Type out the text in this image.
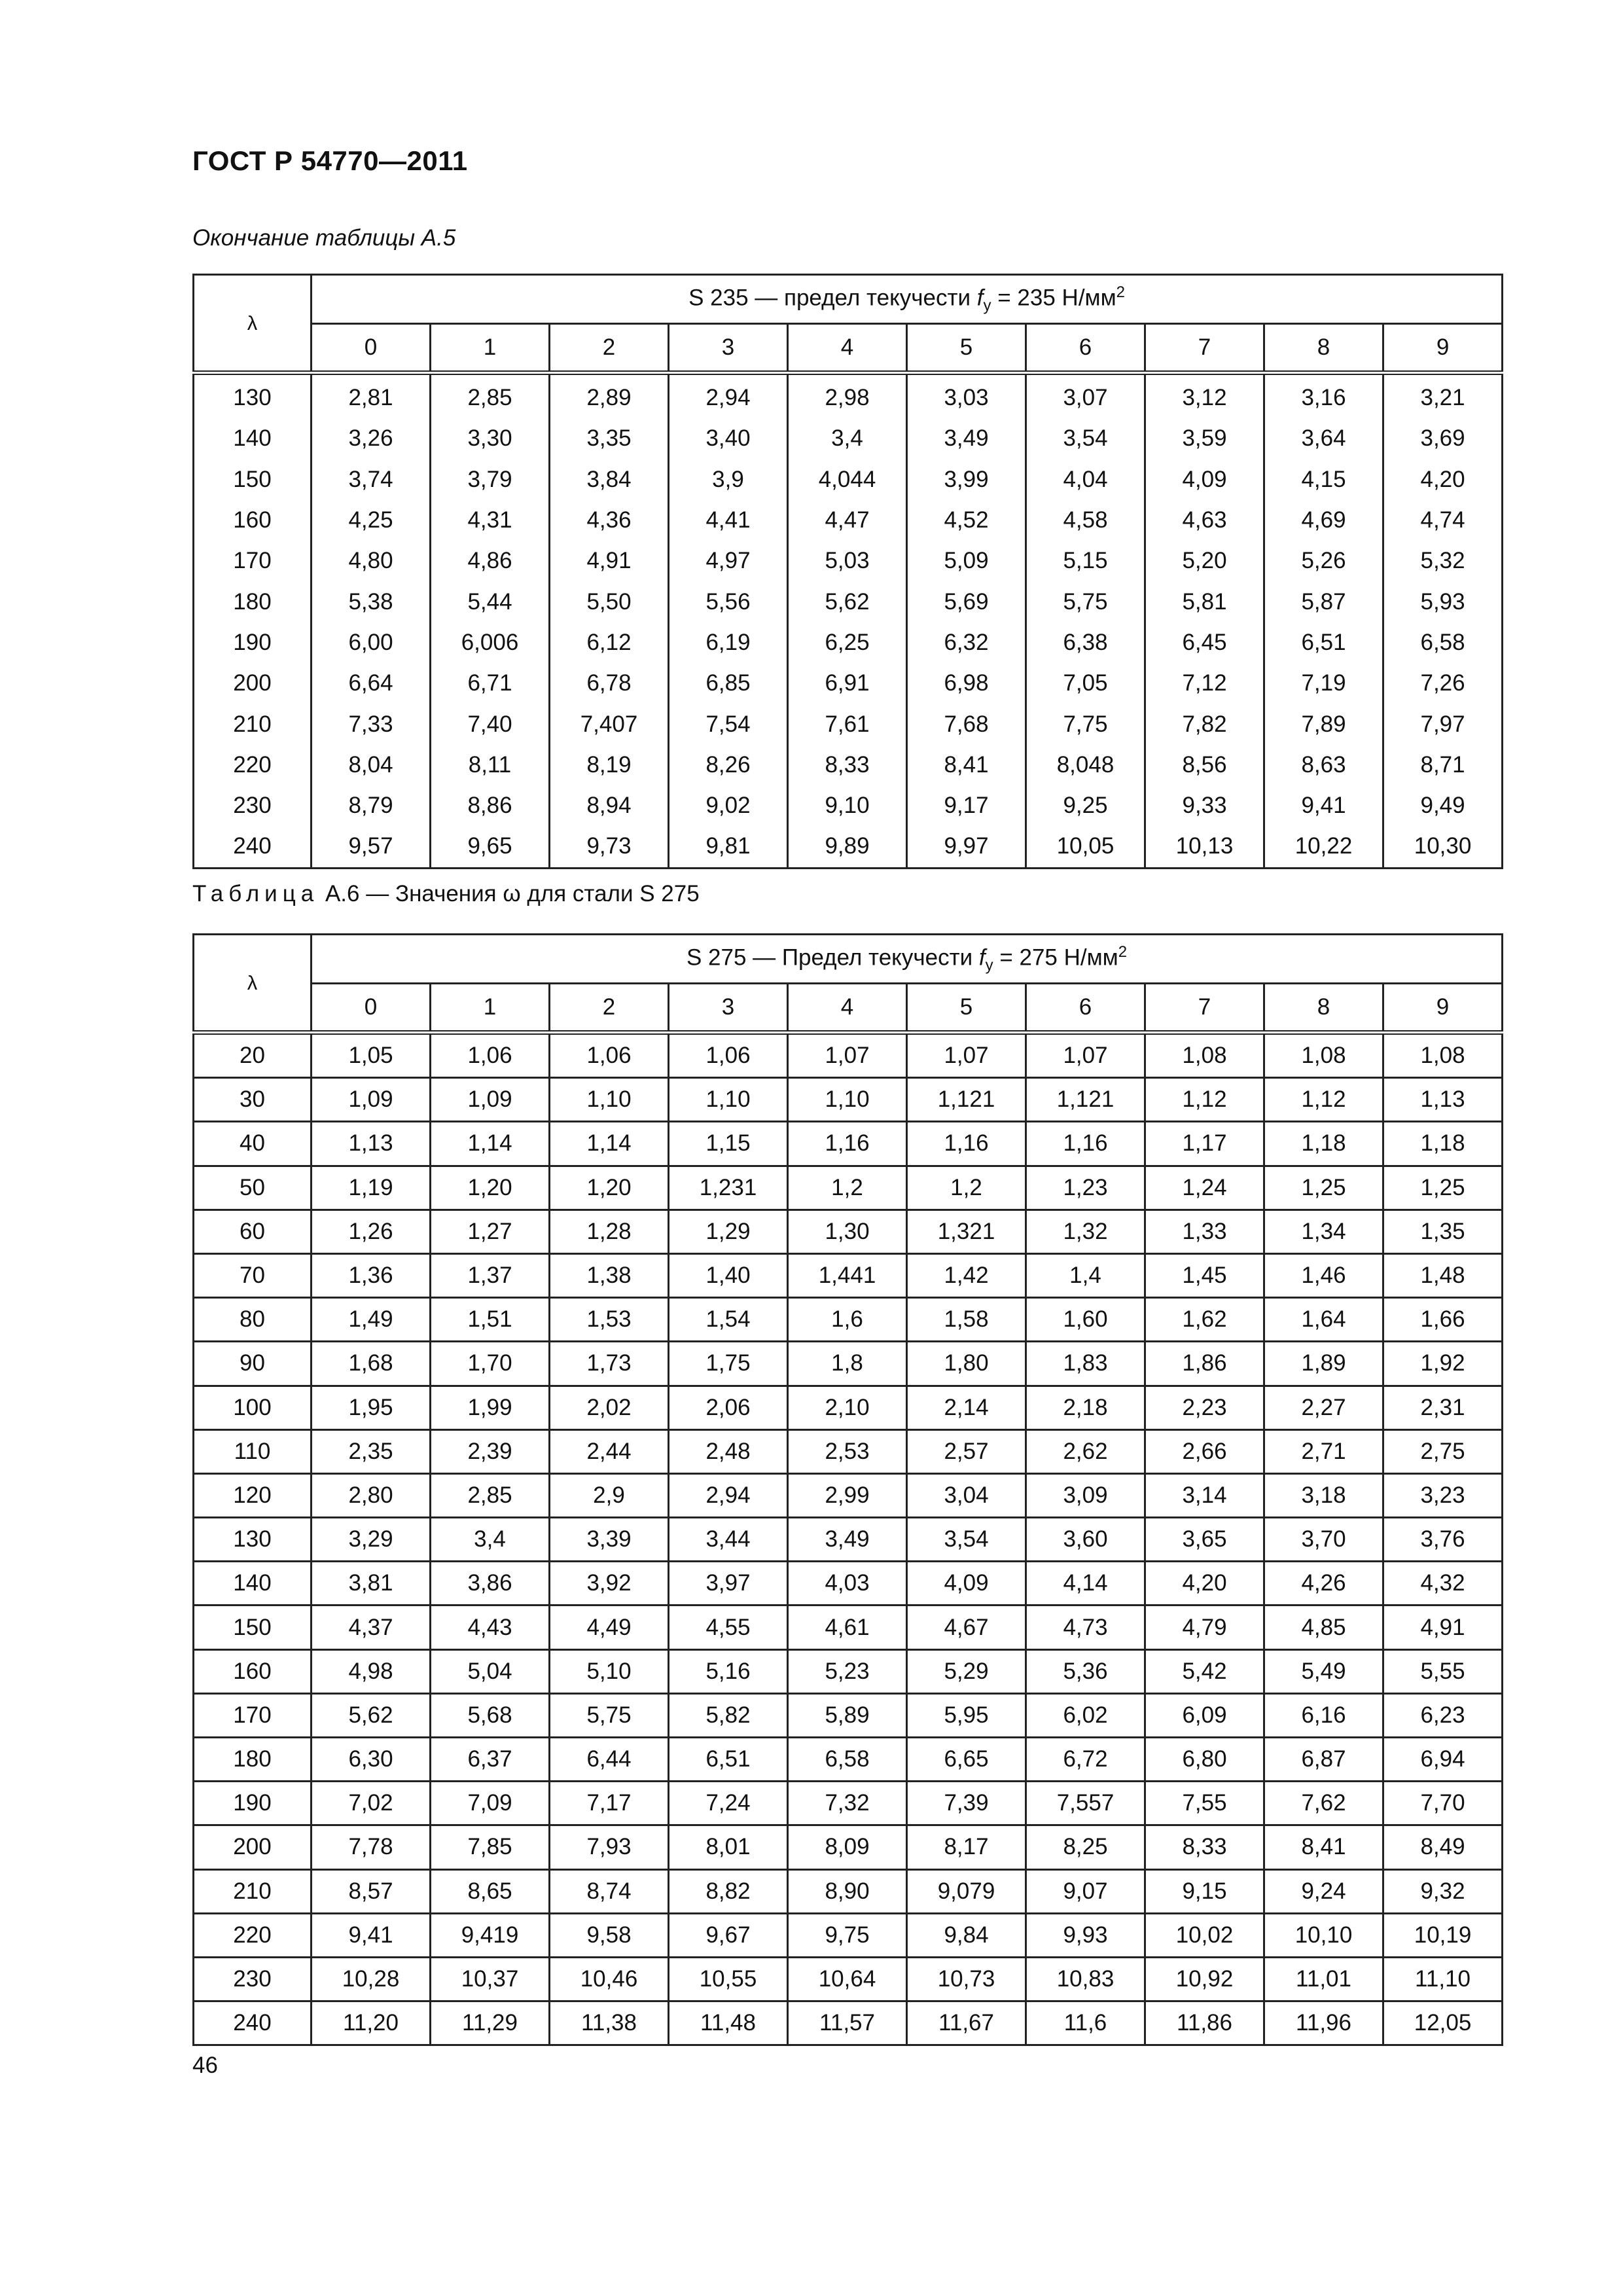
ГОСТ Р 54770—2011
Окончание таблицы А.5
λ	S 235 — предел текучести $f_y = 235$ $Н/мм^2$
	0	1	2	3	4	5	6	7	8	9
130	2,81	2,85	2,89	2,94	2,98	3,03	3,07	3,12	3,16	3,21
140	3,26	3,30	3,35	3,40	3,4	3,49	3,54	3,59	3,64	3,69
150	3,74	3,79	3,84	3,9	4,044	3,99	4,04	4,09	4,15	4,20
160	4,25	4,31	4,36	4,41	4,47	4,52	4,58	4,63	4,69	4,74
170	4,80	4,86	4,91	4,97	5,03	5,09	5,15	5,20	5,26	5,32
180	5,38	5,44	5,50	5,56	5,62	5,69	5,75	5,81	5,87	5,93
190	6,00	6,006	6,12	6,19	6,25	6,32	6,38	6,45	6,51	6,58
200	6,64	6,71	6,78	6,85	6,91	6,98	7,05	7,12	7,19	7,26
210	7,33	7,40	7,407	7,54	7,61	7,68	7,75	7,82	7,89	7,97
220	8,04	8,11	8,19	8,26	8,33	8,41	8,048	8,56	8,63	8,71
230	8,79	8,86	8,94	9,02	9,10	9,17	9,25	9,33	9,41	9,49
240	9,57	9,65	9,73	9,81	9,89	9,97	10,05	10,13	10,22	10,30
Таблица А.6 — Значения ω для стали S 275
λ	S 275 — Предел текучести $f_y = 275$ $Н/мм^2$
	0	1	2	3	4	5	6	7	8	9
20	1,05	1,06	1,06	1,06	1,07	1,07	1,07	1,08	1,08	1,08
30	1,09	1,09	1,10	1,10	1,10	1,121	1,121	1,12	1,12	1,13
40	1,13	1,14	1,14	1,15	1,16	1,16	1,16	1,17	1,18	1,18
50	1,19	1,20	1,20	1,231	1,2	1,2	1,23	1,24	1,25	1,25
60	1,26	1,27	1,28	1,29	1,30	1,321	1,32	1,33	1,34	1,35
70	1,36	1,37	1,38	1,40	1,441	1,42	1,4	1,45	1,46	1,48
80	1,49	1,51	1,53	1,54	1,6	1,58	1,60	1,62	1,64	1,66
90	1,68	1,70	1,73	1,75	1,8	1,80	1,83	1,86	1,89	1,92
100	1,95	1,99	2,02	2,06	2,10	2,14	2,18	2,23	2,27	2,31
110	2,35	2,39	2,44	2,48	2,53	2,57	2,62	2,66	2,71	2,75
120	2,80	2,85	2,9	2,94	2,99	3,04	3,09	3,14	3,18	3,23
130	3,29	3,4	3,39	3,44	3,49	3,54	3,60	3,65	3,70	3,76
140	3,81	3,86	3,92	3,97	4,03	4,09	4,14	4,20	4,26	4,32
150	4,37	4,43	4,49	4,55	4,61	4,67	4,73	4,79	4,85	4,91
160	4,98	5,04	5,10	5,16	5,23	5,29	5,36	5,42	5,49	5,55
170	5,62	5,68	5,75	5,82	5,89	5,95	6,02	6,09	6,16	6,23
180	6,30	6,37	6,44	6,51	6,58	6,65	6,72	6,80	6,87	6,94
190	7,02	7,09	7,17	7,24	7,32	7,39	7,557	7,55	7,62	7,70
200	7,78	7,85	7,93	8,01	8,09	8,17	8,25	8,33	8,41	8,49
210	8,57	8,65	8,74	8,82	8,90	9,079	9,07	9,15	9,24	9,32
220	9,41	9,419	9,58	9,67	9,75	9,84	9,93	10,02	10,10	10,19
230	10,28	10,37	10,46	10,55	10,64	10,73	10,83	10,92	11,01	11,10
240	11,20	11,29	11,38	11,48	11,57	11,67	11,6	11,86	11,96	12,05
46
